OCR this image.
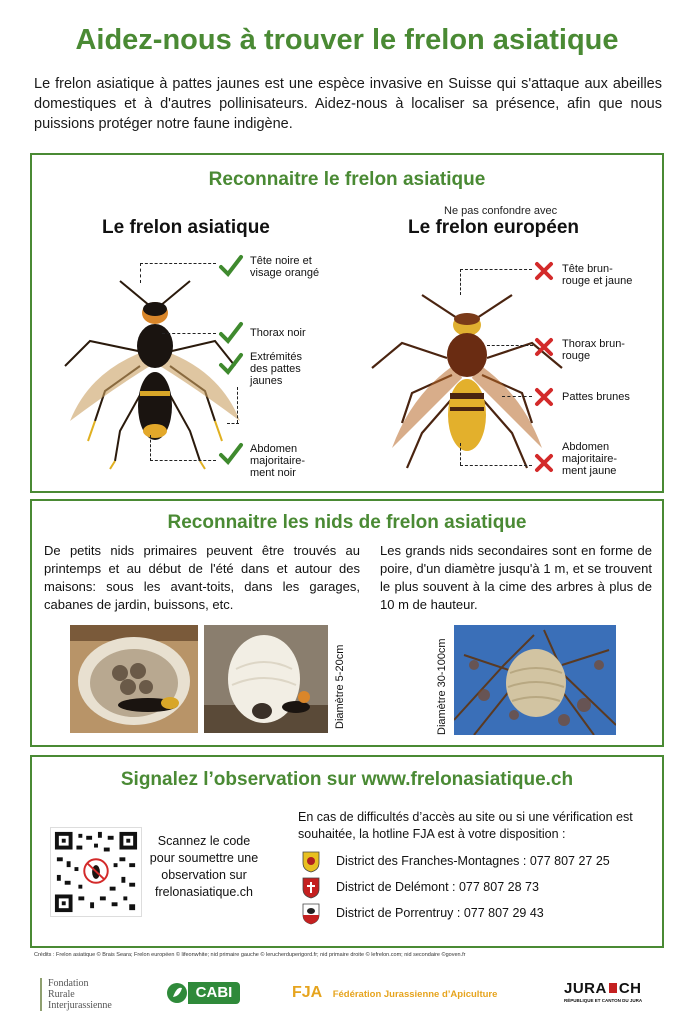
Aidez-nous à trouver le frelon asiatique
Le frelon asiatique à pattes jaunes est une espèce invasive en Suisse qui s'attaque aux abeilles domestiques et à d'autres pollinisateurs. Aidez-nous à localiser sa présence, afin que nous puissions protéger notre faune indigène.
Reconnaitre le frelon asiatique
Le frelon asiatique
Ne pas confondre avec
Le frelon européen
Tête noire et
visage orangé
Thorax noir
Extrémités
des pattes
jaunes
Abdomen
majoritaire-
ment noir
Tête brun-
rouge et jaune
Thorax brun-
rouge
Pattes brunes
Abdomen
majoritaire-
ment jaune
Reconnaitre les nids de frelon asiatique
De petits nids primaires peuvent être trouvés au printemps et au début de l'été dans et autour des maisons: sous les avant-toits, dans les garages, cabanes de jardin, buissons, etc.
Les grands nids secondaires sont en forme de poire, d'un diamètre jusqu'à 1 m, et se trouvent le plus souvent à la cime des arbres à plus de 10 m de hauteur.
Diamètre 5-20cm	Diamètre 30-100cm
Signalez l’observation sur www.frelonasiatique.ch
Scannez le code pour soumettre une observation sur frelonasiatique.ch
En cas de difficultés d’accès au site ou si une vérification est souhaitée, la hotline FJA est à votre disposition :
District des Franches-Montagnes : 077 807 27 25
District de Delémont : 077 807 28 73
District de Porrentruy : 077 807 29 43
Crédits : Frelon asiatique © Brais Seara; Frelon européen © lifeonwhite; nid primaire gauche © lerucherduperigord.fr; nid primaire droite © lefrelon.com; nid secondaire ©goven.fr
Fondation
Rurale
Interjurassienne
CABI	FJA Fédération Jurassienne d’Apiculture	JURA CH
RÉPUBLIQUE ET CANTON DU JURA
